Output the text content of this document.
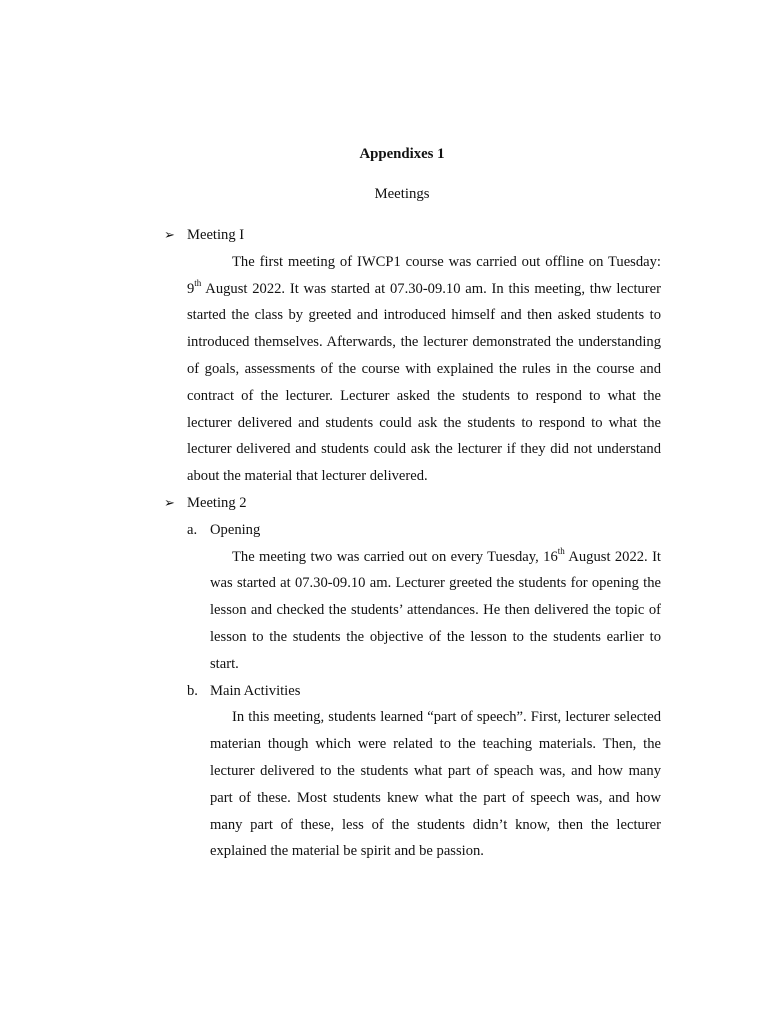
Appendixes 1
Meetings
➢ Meeting I
The first meeting of IWCP1 course was carried out offline on Tuesday: 9th August 2022. It was started at 07.30-09.10 am. In this meeting, thw lecturer started the class by greeted and introduced himself and then asked students to introduced themselves. Afterwards, the lecturer demonstrated the understanding of goals, assessments of the course with explained the rules in the course and contract of the lecturer. Lecturer asked the students to respond to what the lecturer delivered and students could ask the students to respond to what the lecturer delivered and students could ask the lecturer if they did not understand about the material that lecturer delivered.
➢ Meeting 2
a. Opening
The meeting two was carried out on every Tuesday, 16th August 2022. It was started at 07.30-09.10 am. Lecturer greeted the students for opening the lesson and checked the students’ attendances. He then delivered the topic of lesson to the students the objective of the lesson to the students earlier to start.
b. Main Activities
In this meeting, students learned “part of speech”. First, lecturer selected materian though which were related to the teaching materials. Then, the lecturer delivered to the students what part of speach was, and how many part of these. Most students knew what the part of speech was, and how many part of these, less of the students didn’t know, then the lecturer explained the material be spirit and be passion.
